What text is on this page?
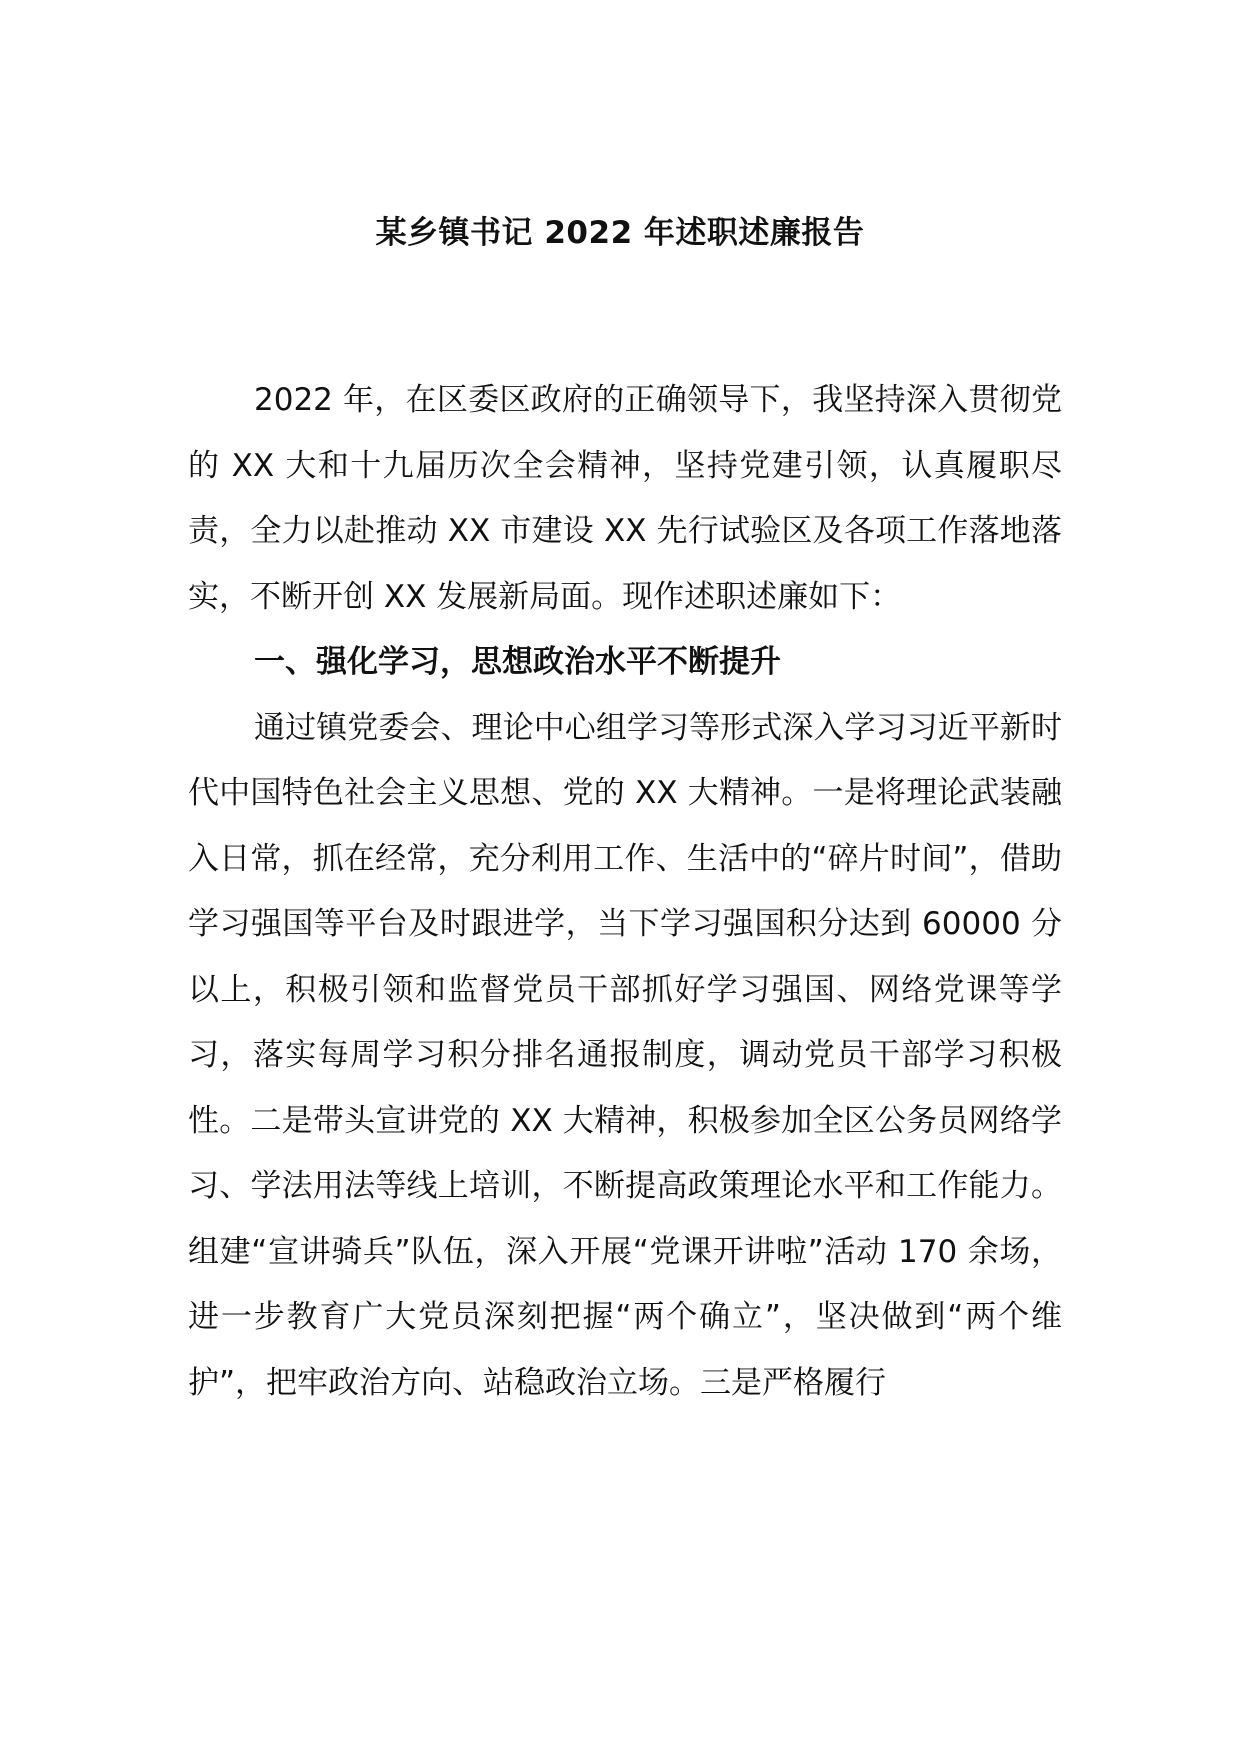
某乡镇书记 2022 年述职述廉报告

2022 年，在区委区政府的正确领导下，我坚持深入贯彻党的 XX 大和十九届历次全会精神，坚持党建引领，认真履职尽责，全力以赴推动 XX 市建设 XX 先行试验区及各项工作落地落实，不断开创 XX 发展新局面。现作述职述廉如下：

一、强化学习，思想政治水平不断提升

通过镇党委会、理论中心组学习等形式深入学习习近平新时代中国特色社会主义思想、党的 XX 大精神。一是将理论武装融入日常，抓在经常，充分利用工作、生活中的“碎片时间”，借助学习强国等平台及时跟进学，当下学习强国积分达到 60000 分以上，积极引领和监督党员干部抓好学习强国、网络党课等学习，落实每周学习积分排名通报制度，调动党员干部学习积极性。二是带头宣讲党的 XX 大精神，积极参加全区公务员网络学习、学法用法等线上培训，不断提高政策理论水平和工作能力。组建“宣讲骑兵”队伍，深入开展“党课开讲啦”活动 170 余场，进一步教育广大党员深刻把握“两个确立”，坚决做到“两个维护”，把牢政治方向、站稳政治立场。三是严格履行
